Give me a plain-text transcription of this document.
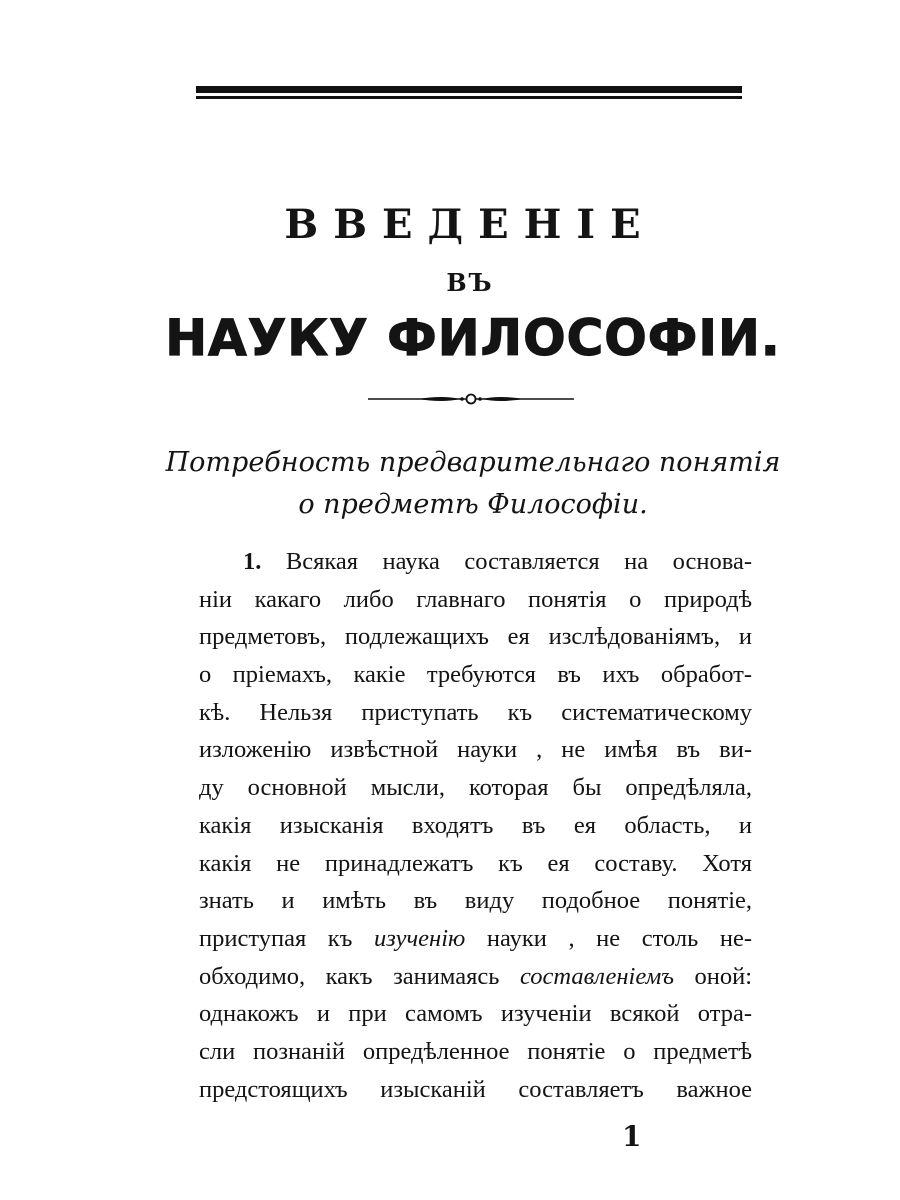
ВВЕДЕНІЕ
ВЪ
НАУКУ ФИЛОСОФІИ.
Потребность предварительнаго понятія
о предметѣ Философіи.
1. Всякая наука составляется на основа-
ніи какаго либо главнаго понятія о природѣ
предметовъ, подлежащихъ ея изслѣдованіямъ, и
о пріемахъ, какіе требуются въ ихъ обработ-
кѣ. Нельзя приступать къ систематическому
изложенію извѣстной науки , не имѣя въ ви-
ду основной мысли, которая бы опредѣляла,
какія изысканія входятъ въ ея область, и
какія не принадлежатъ къ ея составу. Хотя
знать и имѣть въ виду подобное понятіе,
приступая къ изученію науки , не столь не-
обходимо, какъ занимаясь составленіемъ оной:
однакожъ и при самомъ изученіи всякой отра-
сли познаній опредѣленное понятіе о предметѣ
предстоящихъ изысканій составляетъ важное
1
